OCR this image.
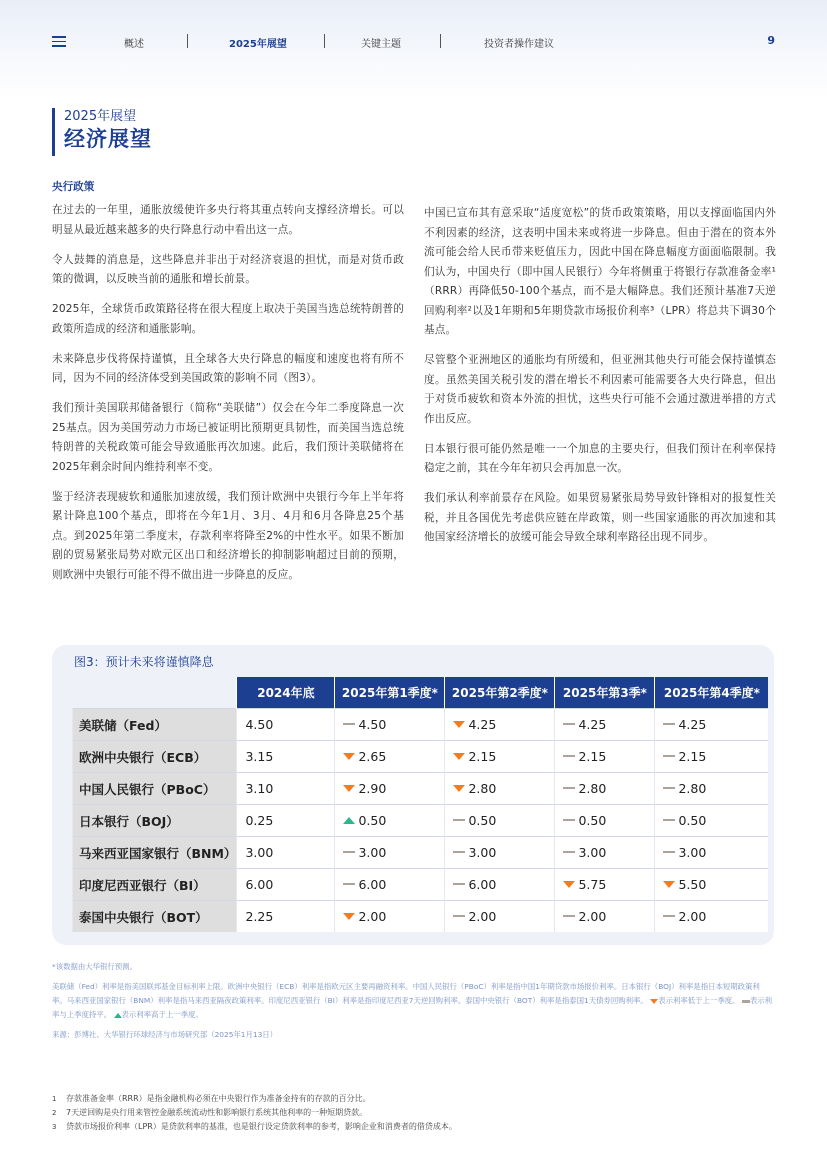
概述	2025年展望	关键主题	投资者操作建议	9
2025年展望
经济展望
央行政策

在过去的一年里，通胀放缓使许多央行将其重点转向支撑经济增长。可以明显从最近越来越多的央行降息行动中看出这一点。

令人鼓舞的消息是，这些降息并非出于对经济衰退的担忧，而是对货币政策的微调，以反映当前的通胀和增长前景。

2025年，全球货币政策路径将在很大程度上取决于美国当选总统特朗普的政策所造成的经济和通胀影响。

未来降息步伐将保持谨慎，且全球各大央行降息的幅度和速度也将有所不同，因为不同的经济体受到美国政策的影响不同（图3）。

我们预计美国联邦储备银行（简称“美联储”）仅会在今年二季度降息一次25基点。因为美国劳动力市场已被证明比预期更具韧性，而美国当选总统特朗普的关税政策可能会导致通胀再次加速。此后，我们预计美联储将在2025年剩余时间内维持利率不变。

鉴于经济表现疲软和通胀加速放缓，我们预计欧洲中央银行今年上半年将累计降息100个基点，即将在今年1月、3月、4月和6月各降息25个基点。到2025年第二季度末，存款利率将降至2%的中性水平。如果不断加剧的贸易紧张局势对欧元区出口和经济增长的抑制影响超过目前的预期，则欧洲中央银行可能不得不做出进一步降息的反应。

中国已宣布其有意采取“适度宽松”的货币政策策略，用以支撑面临国内外不利因素的经济，这表明中国未来或将进一步降息。但由于潜在的资本外流可能会给人民币带来贬值压力，因此中国在降息幅度方面面临限制。我们认为，中国央行（即中国人民银行）今年将侧重于将银行存款准备金率¹（RRR）再降低50-100个基点，而不是大幅降息。我们还预计基准7天逆回购利率²以及1年期和5年期贷款市场报价利率³（LPR）将总共下调30个基点。

尽管整个亚洲地区的通胀均有所缓和，但亚洲其他央行可能会保持谨慎态度。虽然美国关税引发的潜在增长不利因素可能需要各大央行降息，但出于对货币疲软和资本外流的担忧，这些央行可能不会通过激进举措的方式作出反应。

日本银行很可能仍然是唯一一个加息的主要央行，但我们预计在利率保持稳定之前，其在今年年初只会再加息一次。

我们承认利率前景存在风险。如果贸易紧张局势导致针锋相对的报复性关税，并且各国优先考虑供应链在岸政策，则一些国家通胀的再次加速和其他国家经济增长的放缓可能会导致全球利率路径出现不同步。

图3：预计未来将谨慎降息
	2024年底	2025年第1季度*	2025年第2季度*	2025年第3季*	2025年第4季度*
美联储（Fed）	4.50	4.50	4.25	4.25	4.25
欧洲中央银行（ECB）	3.15	2.65	2.15	2.15	2.15
中国人民银行（PBoC）	3.10	2.90	2.80	2.80	2.80
日本银行（BOJ）	0.25	0.50	0.50	0.50	0.50
马来西亚国家银行（BNM）	3.00	3.00	3.00	3.00	3.00
印度尼西亚银行（BI）	6.00	6.00	6.00	5.75	5.50
泰国中央银行（BOT）	2.25	2.00	2.00	2.00	2.00

*该数据由大华银行预测。

美联储（Fed）利率是指美国联邦基金目标利率上限。欧洲中央银行（ECB）利率是指欧元区主要再融资利率。中国人民银行（PBoC）利率是指中国1年期贷款市场报价利率。日本银行（BOJ）利率是指日本短期政策利率。马来西亚国家银行（BNM）利率是指马来西亚隔夜政策利率。印度尼西亚银行（BI）利率是指印度尼西亚7天逆回购利率。泰国中央银行（BOT）利率是指泰国1天债券回购利率。 表示利率低于上一季度。 表示利率与上季度持平。 表示利率高于上一季度。

来源：彭博社、大华银行环球经济与市场研究部（2025年1月13日）

1	存款准备金率（RRR）是指金融机构必须在中央银行作为准备金持有的存款的百分比。
2	7天逆回购是央行用来管控金融系统流动性和影响银行系统其他利率的一种短期贷款。
3	贷款市场报价利率（LPR）是贷款利率的基准，也是银行设定贷款利率的参考，影响企业和消费者的借贷成本。
